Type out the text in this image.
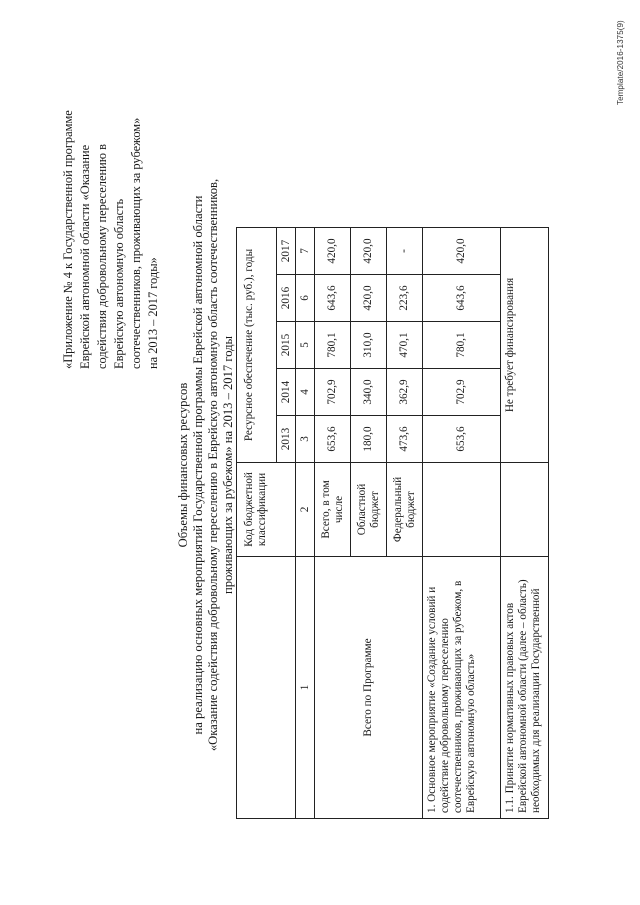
Template/2016-1375(9)
«Приложение № 4 к Государственной программе Еврейской автономной области «Оказание содействия добровольному переселению в Еврейскую автономную область соотечественников, проживающих за рубежом» на 2013 – 2017 годы»
Объемы финансовых ресурсов на реализацию основных мероприятий Государственной программы Еврейской автономной области «Оказание содействия добровольному переселению в Еврейскую автономную область соотечественников, проживающих за рубежом» на 2013 – 2017 годы
	Код бюджетной классификации	Ресурсное обеспечение (тыс. руб.), годы				
		2013	2014	2015	2016	2017
1	2	3	4	5	6	7
Всего по Программе	Всего, в том числе	653,6	702,9	780,1	643,6	420,0
	Областной бюджет	180,0	340,0	310,0	420,0	420,0
	Федеральный бюджет	473,6	362,9	470,1	223,6	-
1. Основное мероприятие «Создание условий и содействие добровольному переселению соотечественников, проживающих за рубежом, в Еврейскую автономную область»		653,6	702,9	780,1	643,6	420,0
1.1. Принятие нормативных правовых актов Еврейской автономной области (далее – область) необходимых для реализации Государственной		Не требует финансирования				
